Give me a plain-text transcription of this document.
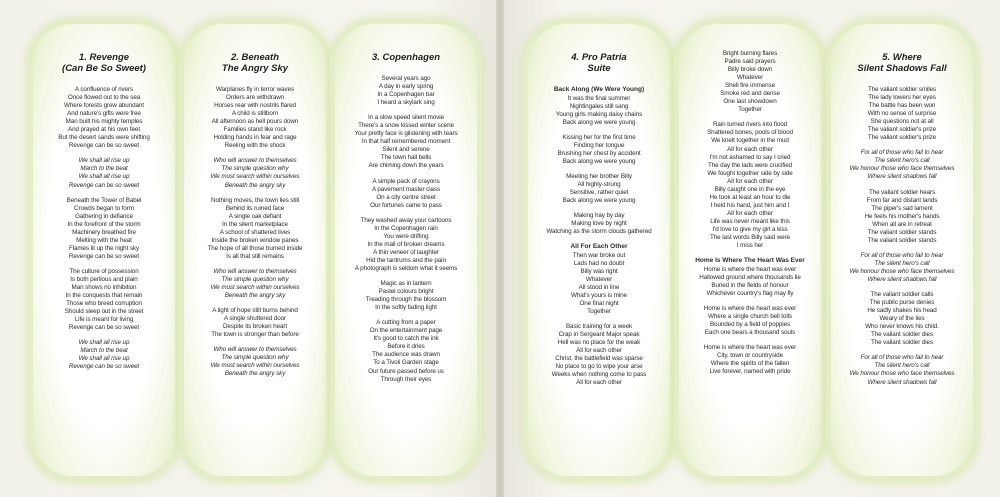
1. Revenge
(Can Be So Sweet)
A confluence of rivers
Once flowed out to the sea
Where forests grew abundant
And nature's gifts were free
Man built his mighty temples
And prayed at his own feet
But the desert sands were shifting
Revenge can be so sweet
We shall all rise up
March to the beat
We shall all rise up
Revenge can be so sweet
Beneath the Tower of Babel
Crowds began to form
Gathering in defiance
In the forefront of the storm
Machinery breathed fire
Melting with the heat
Flames lit up the night sky
Revenge can be so sweet
The culture of possession
Is both perilous and plain
Man shows no inhibition
In the conquests that remain
Those who breed corruption
Should sleep out in the street
Life is meant for living
Revenge can be so sweet
We shall all rise up
March to the beat
We shall all rise up
Revenge can be so sweet
2. Beneath
The Angry Sky
Warplanes fly in terror waves
Orders are withdrawn
Horses rear with nostrils flared
A child is stillborn
All afternoon as hell pours down
Families stand like rock
Holding hands in fear and rage
Reeling with the shock
Who will answer to themselves
The simple question why
We must search within ourselves
Beneath the angry sky
Nothing moves, the town lies still
Behind its ruined face
A single oak defiant
In the silent marketplace
A school of shattered lives
Inside the broken window panes
The hope of all those burned inside
Is all that still remains
Who will answer to themselves
The simple question why
We must search within ourselves
Beneath the angry sky
A light of hope still burns behind
A single shuttered door
Despite its broken heart
The town is stronger than before
Who will answer to themselves
The simple question why
We must search within ourselves
Beneath the angry sky
3. Copenhagen
Several years ago
A day in early spring
In a Copenhagen bar
I heard a skylark sing
In a slow speed silent movie
There's a snow kissed winter scene
Your pretty face is glistening with tears
In that half remembered moment
Silent and serene
The town hall bells
Are chiming down the years
A simple pack of crayons
A pavement master class
On a city centre street
Our fortunes came to pass
They washed away your cartoons
In the Copenhagen rain
You were drifting
In the mall of broken dreams
A thin veneer of laughter
Hid the tantrums and the pain
A photograph is seldom what it seems
Magic as in lantern
Pastel colours bright
Treading through the blossom
In the softly fading light
A cutting from a paper
On the entertainment page
It's good to catch the ink
Before it dries
The audience was drawn
To a Tivoli Garden stage
Our future passed before us
Through their eyes
4. Pro Patria
Suite
Back Along (We Were Young)
It was the final summer
Nightingales still sang
Young girls making daisy chains
Back along we were young
Kissing her for the first time
Finding her tongue
Brushing her chest by accident
Back along we were young
Meeting her brother Billy
All highly-strung
Sensitive, rather quiet
Back along we were young
Making hay by day
Making love by night
Watching as the storm clouds gathered
All For Each Other
Then war broke out
Lads had no doubt
Billy was right
Whatever
All stood in line
What's yours is mine
One final night
Together
Basic training for a week
Crap in Sergeant Major speak
Hell was no place for the weak
All for each other
Christ, the battlefield was sparse
No place to go to wipe your arse
Weeks when nothing come to pass
All for each other
Bright burning flares
Padre said prayers
Billy broke down
Whatever
Shell fire immense
Smoke red and dense
One last showdown
Together
Rain turned rivers into flood
Shattered bones, pools of blood
We knelt together in the mud
All for each other
I'm not ashamed to say I cried
The day the lads were crucified
We fought together side by side
All for each other
Billy caught one in the eye
He took at least an hour to die
I held his hand, just him and I
All for each other
Life was never meant like this
I'd love to give my girl a kiss
The last words Billy said were
I miss her
Home Is Where The Heart Was Ever
Home is where the heart was ever
Hallowed ground where thousands lie
Buried in the fields of honour
Whichever country's flag may fly
Home is where the heart was ever
Where a single church bell tolls
Bounded by a field of poppies
Each one bears a thousand souls
Home is where the heart was ever
City, town or countryside
Where the spirits of the fallen
Live forever, named with pride
5. Where
Silent Shadows Fall
The valiant soldier smiles
The lady lowers her eyes
The battle has been won
With no sense of surprise
She questions not at all
The valiant soldier's prize
The valiant soldier's prize
For all of those who fail to hear
The silent hero's call
We honour those who face themselves
Where silent shadows fall
The valiant soldier hears
From far and distant lands
The piper's sad lament
He feels his mother's hands
When all are in retreat
The valiant soldier stands
The valiant soldier stands
For all of those who fail to hear
The silent hero's call
We honour those who face themselves
Where silent shadows fall
The valiant soldier calls
The public purse denies
He sadly shakes his head
Weary of the lies
Who never knows his child.
The valiant soldier dies
The valiant soldier dies
For all of those who fail to hear
The silent hero's call
We honour those who face themselves
Where silent shadows fall
